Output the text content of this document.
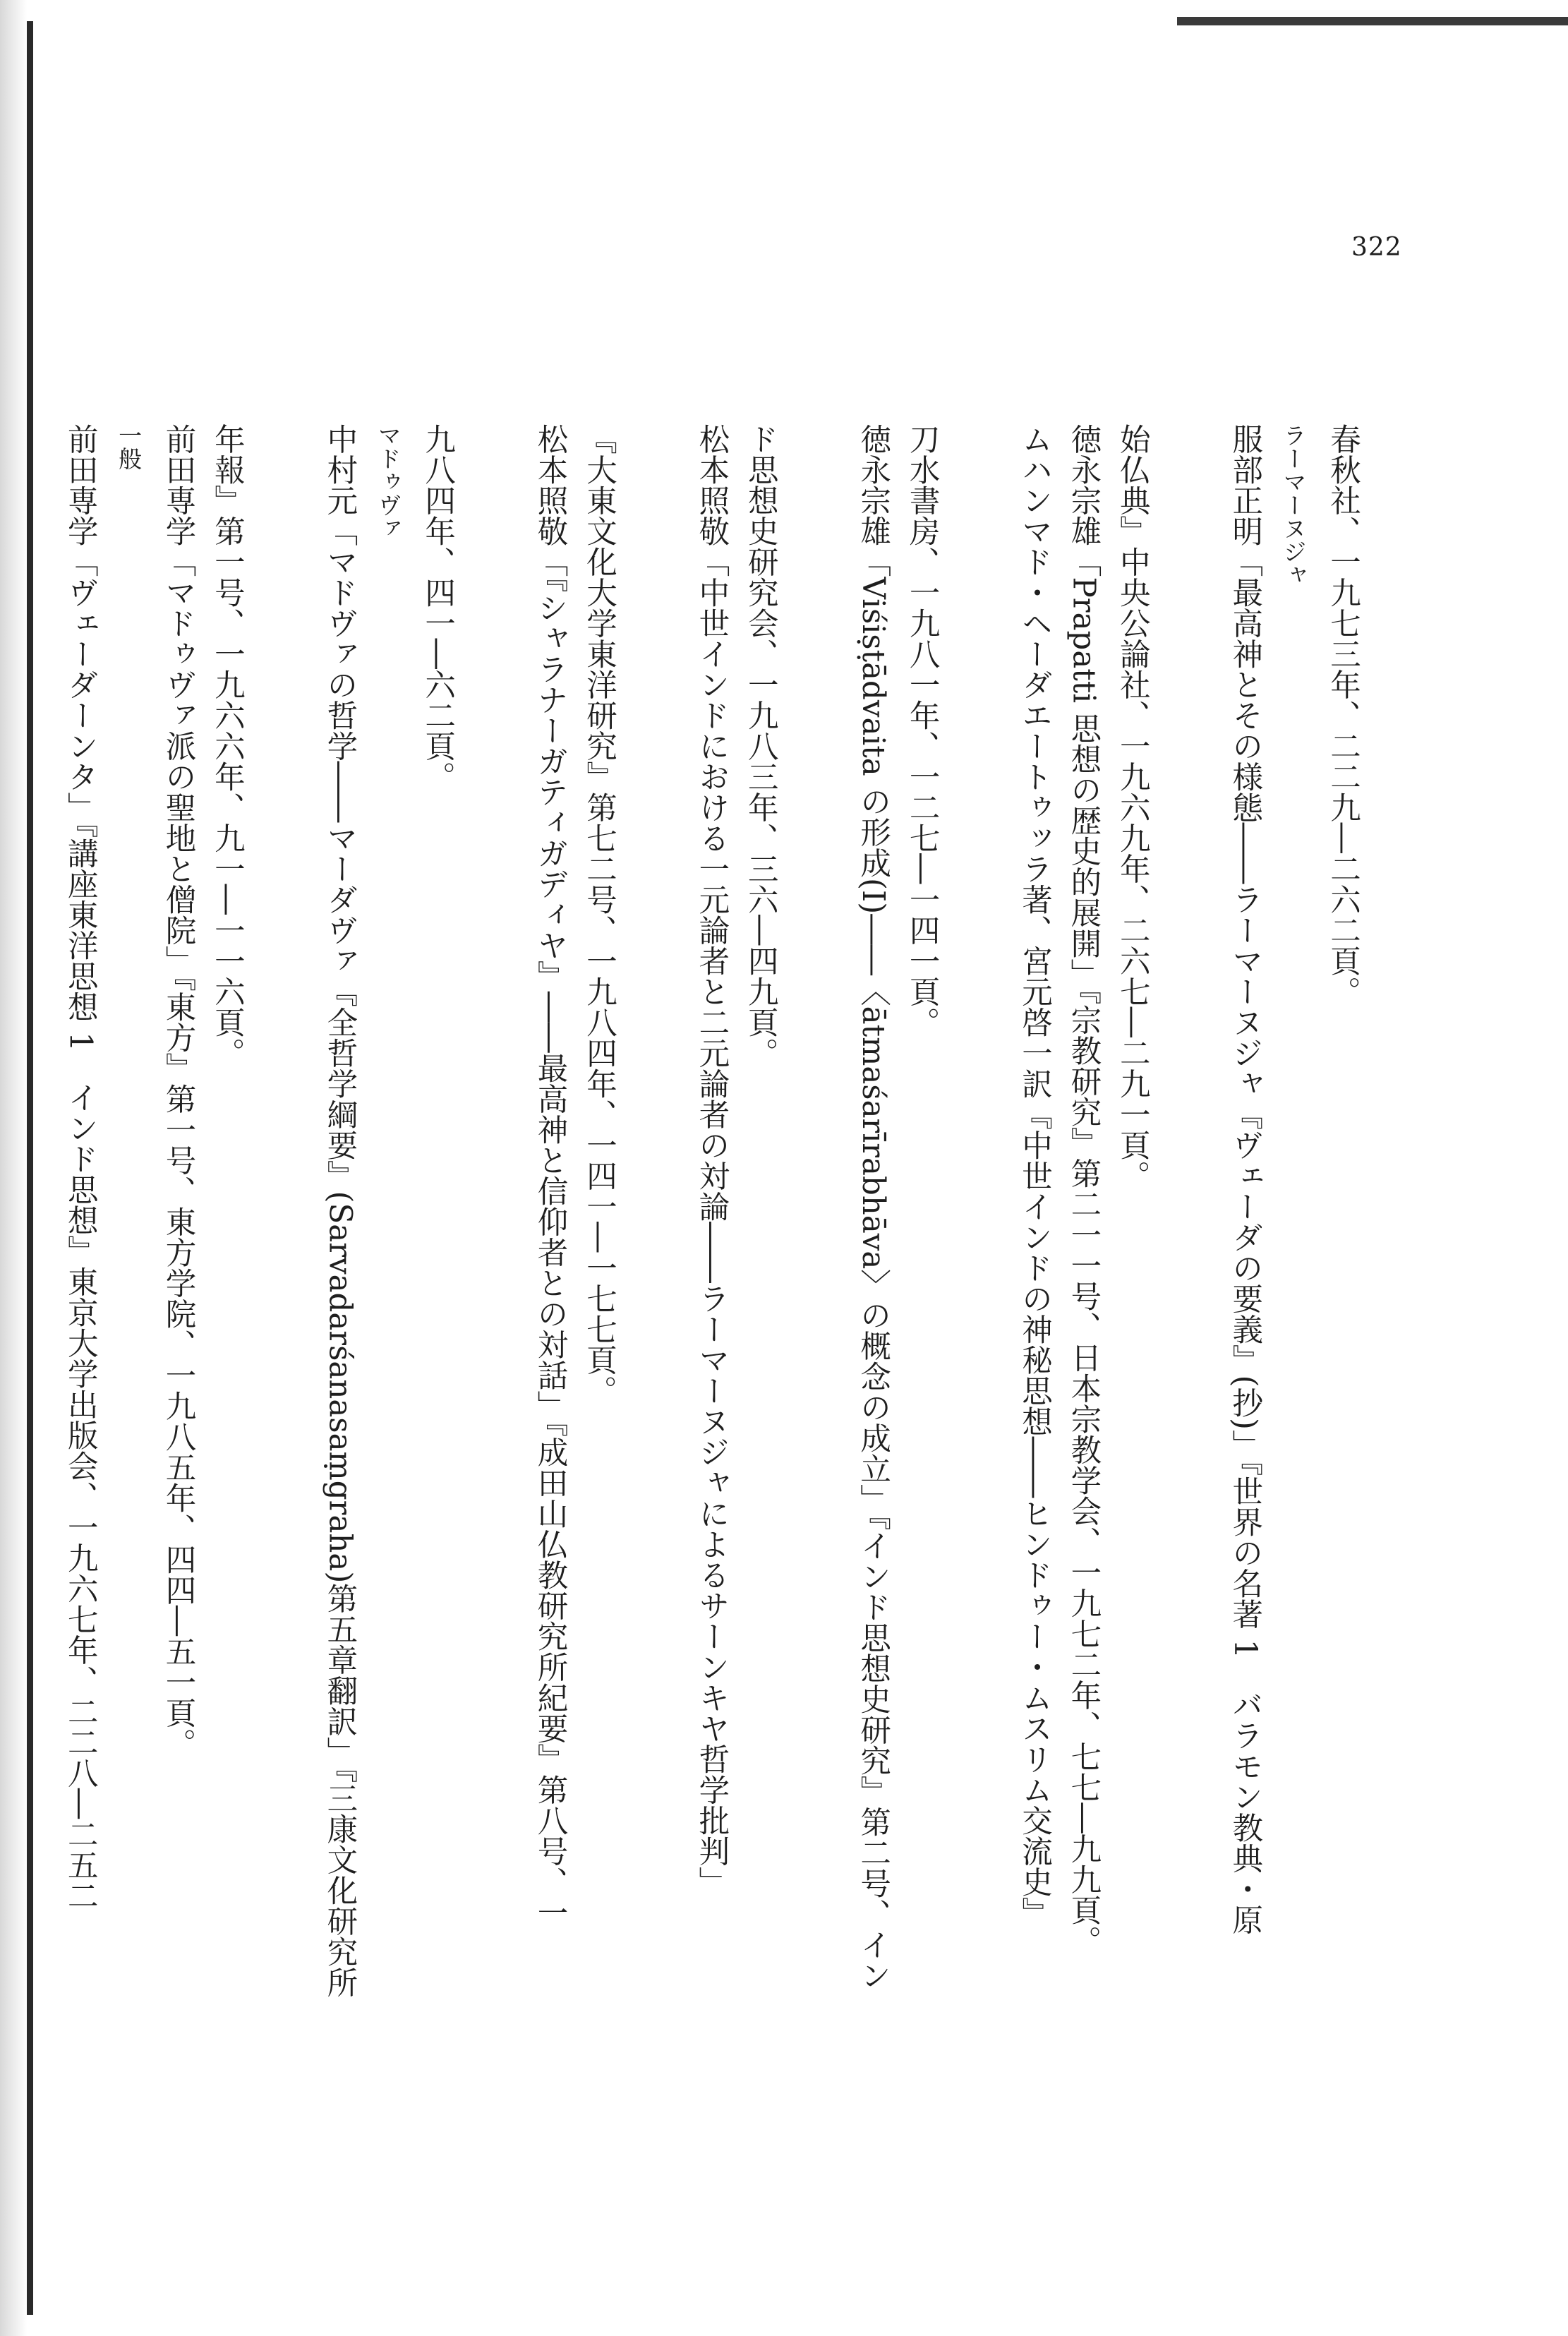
322
春秋社、一九七三年、二二九―二六二頁。
ラーマーヌジャ
服部正明「最高神とその様態――ラーマーヌジャ『ヴェーダの要義』(抄)」『世界の名著 1　バラモン教典・原
始仏典』中央公論社、一九六九年、二六七―二九一頁。
徳永宗雄「Prapatti 思想の歴史的展開」『宗教研究』第二一一号、日本宗教学会、一九七二年、七七―九九頁。
ムハンマド・ヘーダエートゥッラ著、宮元啓一訳『中世インドの神秘思想――ヒンドゥー・ムスリム交流史』
刀水書房、一九八一年、一二七―一四一頁。
徳永宗雄「Viśiṣṭādvaita の形成(I)――〈ātmaśarīrabhāva〉の概念の成立」『インド思想史研究』第二号、イン
ド思想史研究会、一九八三年、三六―四九頁。
松本照敬「中世インドにおける一元論者と二元論者の対論――ラーマーヌジャによるサーンキヤ哲学批判」
『大東文化大学東洋研究』第七二号、一九八四年、一四一―一七七頁。
松本照敬「『シャラナーガティガディヤ』――最高神と信仰者との対話」『成田山仏教研究所紀要』第八号、一
九八四年、四一―六二頁。
マドゥヴァ
中村元「マドヴァの哲学――マーダヴァ『全哲学綱要』(Sarvadarśanasaṃgraha)第五章翻訳」『三康文化研究所
年報』第一号、一九六六年、九一―一一六頁。
前田専学「マドゥヴァ派の聖地と僧院」『東方』第一号、東方学院、一九八五年、四四―五一頁。
一般
前田専学「ヴェーダーンタ」『講座東洋思想 1　インド思想』東京大学出版会、一九六七年、二二八―二五二
